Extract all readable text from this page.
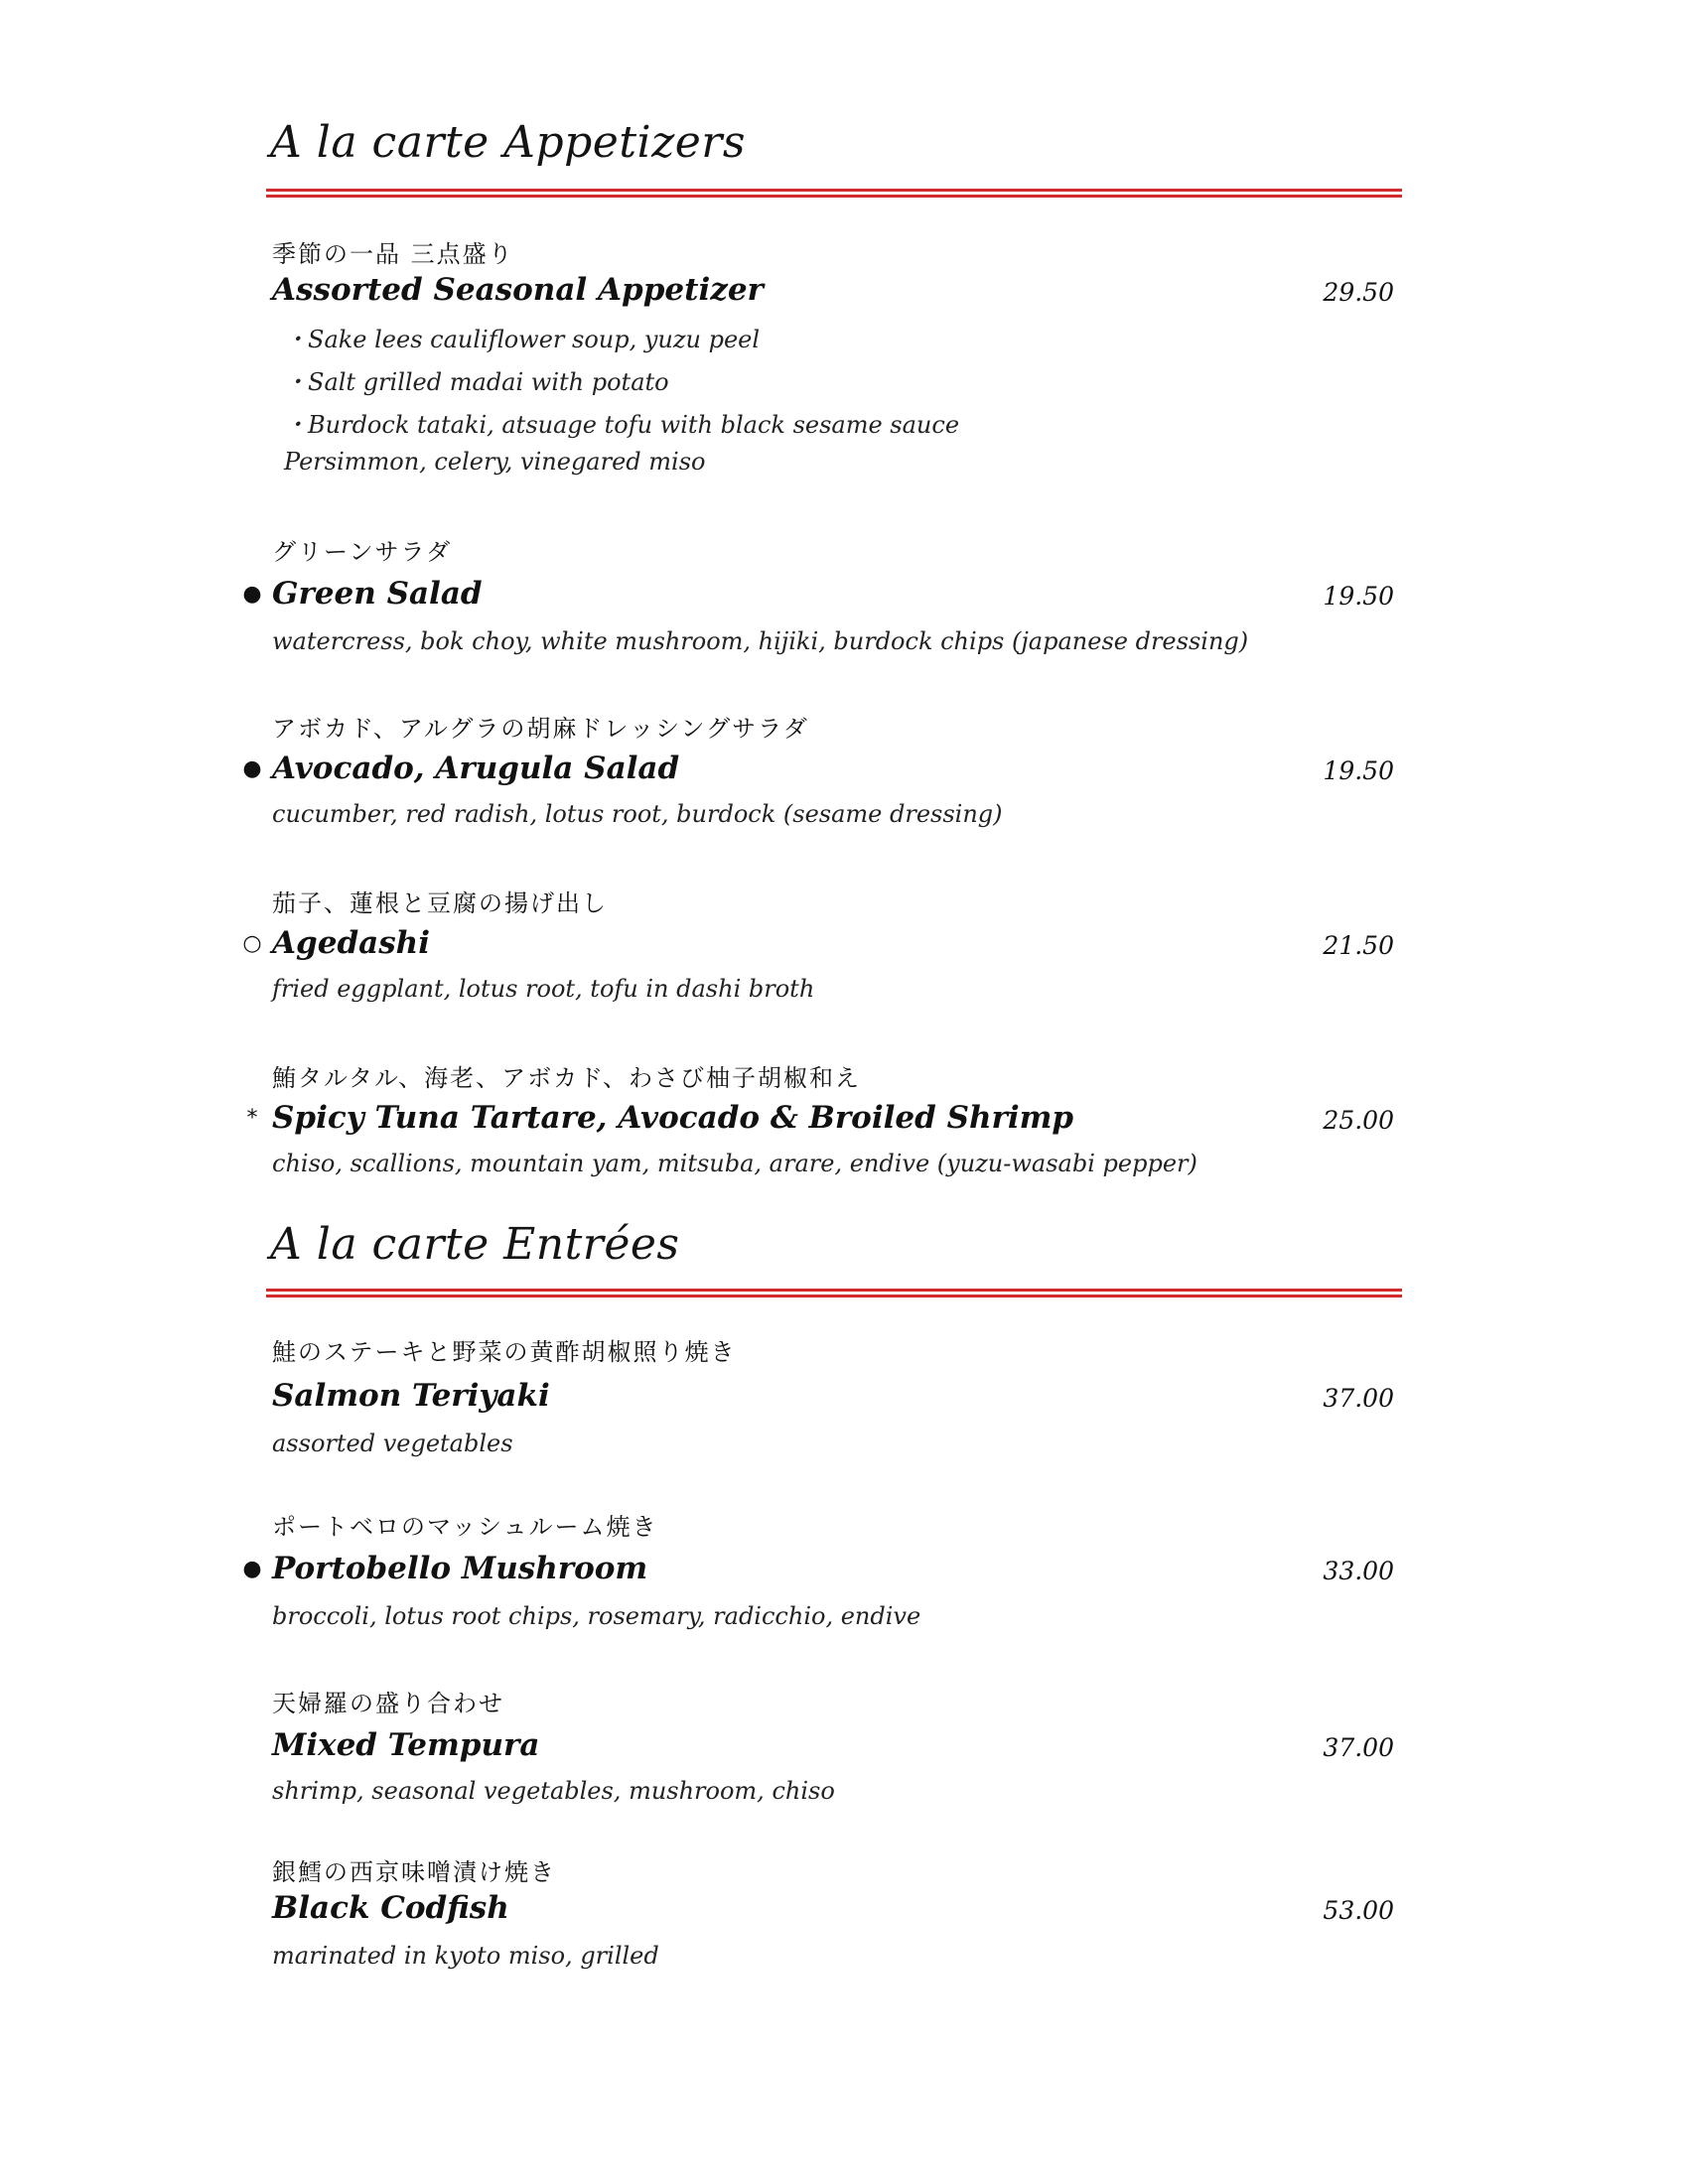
A la carte Appetizers
季節の一品 三点盛り
Assorted Seasonal Appetizer	29.50
・Sake lees cauliflower soup, yuzu peel
・Salt grilled madai with potato
・Burdock tataki, atsuage tofu with black sesame sauce
Persimmon, celery, vinegared miso
グリーンサラダ
● Green Salad	19.50
watercress, bok choy, white mushroom, hijiki, burdock chips (japanese dressing)
アボカド、アルグラの胡麻ドレッシングサラダ
● Avocado, Arugula Salad	19.50
cucumber, red radish, lotus root, burdock (sesame dressing)
茄子、蓮根と豆腐の揚げ出し
○ Agedashi	21.50
fried eggplant, lotus root, tofu in dashi broth
鮪タルタル、海老、アボカド、わさび柚子胡椒和え
* Spicy Tuna Tartare, Avocado & Broiled Shrimp	25.00
chiso, scallions, mountain yam, mitsuba, arare, endive (yuzu-wasabi pepper)
A la carte Entrées
鮭のステーキと野菜の黄酢胡椒照り焼き
Salmon Teriyaki	37.00
assorted vegetables
ポートベロのマッシュルーム焼き
● Portobello Mushroom	33.00
broccoli, lotus root chips, rosemary, radicchio, endive
天婦羅の盛り合わせ
Mixed Tempura	37.00
shrimp, seasonal vegetables, mushroom, chiso
銀鱈の西京味噌漬け焼き
Black Codfish	53.00
marinated in kyoto miso, grilled
